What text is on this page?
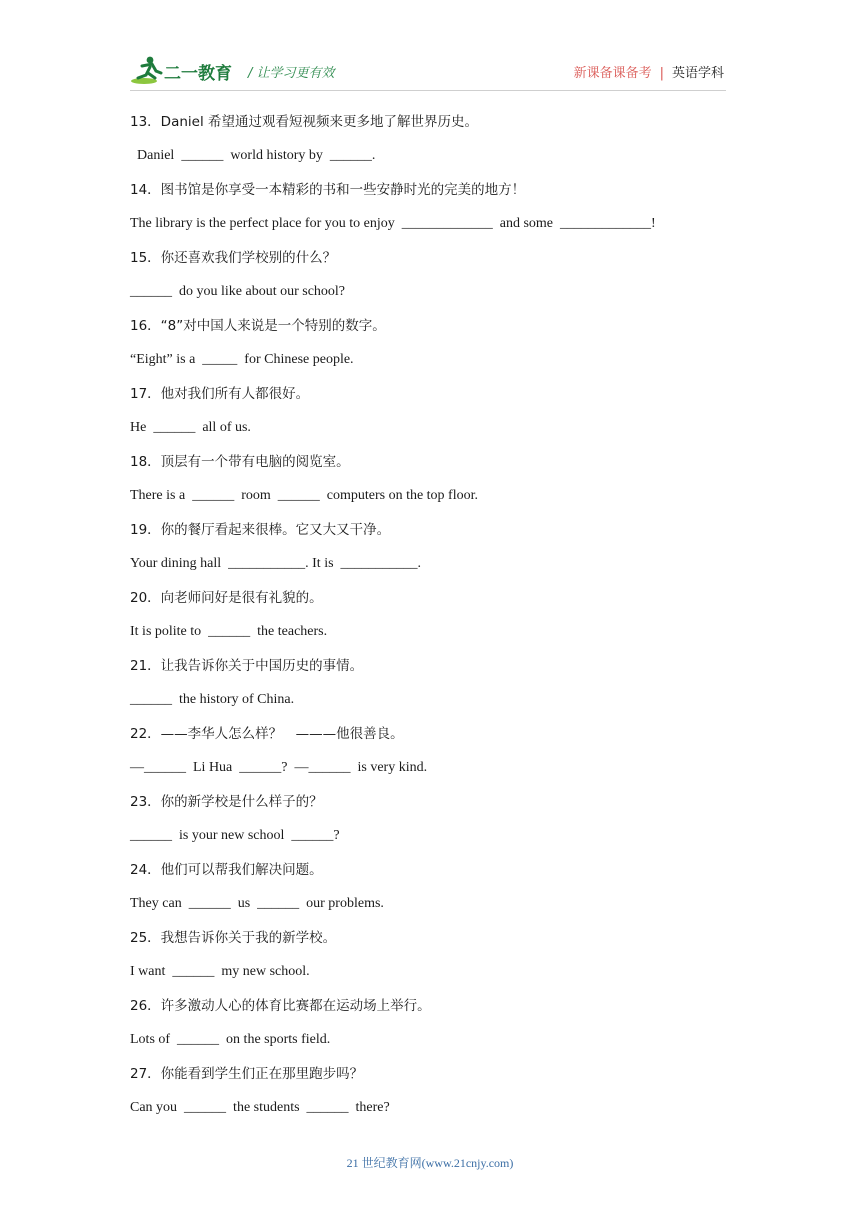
二一教育 / 让学习更有效	新课备课备考 | 英语学科
13．Daniel 希望通过观看短视频来更多地了解世界历史。
Daniel  ______  world history by  ______.
14．图书馆是你享受一本精彩的书和一些安静时光的完美的地方！
The library is the perfect place for you to enjoy  _____________  and some  _____________!
15．你还喜欢我们学校别的什么？
______  do you like about our school?
16．“8”对中国人来说是一个特别的数字。
“Eight” is a  _____  for Chinese people.
17．他对我们所有人都很好。
He  ______  all of us.
18．顶层有一个带有电脑的阅览室。
There is a  ______  room  ______  computers on the top floor.
19．你的餐厅看起来很棒。它又大又干净。
Your dining hall  ___________. It is  ___________.
20．向老师问好是很有礼貌的。
It is polite to  ______  the teachers.
21．让我告诉你关于中国历史的事情。
______  the history of China.
22．——李华人怎么样？　———他很善良。
—______  Li Hua  ______?  —______  is very kind.
23．你的新学校是什么样子的？
______  is your new school  ______?
24．他们可以帮我们解决问题。
They can  ______  us  ______  our problems.
25．我想告诉你关于我的新学校。
I want  ______  my new school.
26．许多激动人心的体育比赛都在运动场上举行。
Lots of  ______  on the sports field.
27．你能看到学生们正在那里跑步吗？
Can you  ______  the students  ______  there?
21 世纪教育网(www.21cnjy.com)
